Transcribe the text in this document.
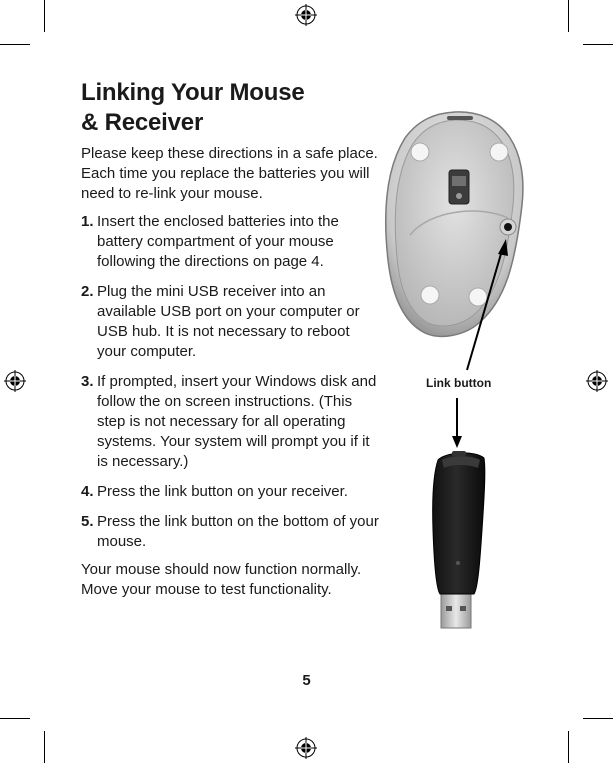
Linking Your Mouse
& Receiver

Please keep these directions in a safe place. Each time you replace the batteries you will need to re-link your mouse.

1. Insert the enclosed batteries into the battery compartment of your mouse following the directions on page 4.
2. Plug the mini USB receiver into an available USB port on your computer or USB hub. It is not necessary to reboot your computer.
3. If prompted, insert your Windows disk and follow the on screen instructions. (This step is not necessary for all operating systems. Your system will prompt you if it is necessary.)
4. Press the link button on your receiver.
5. Press the link button on the bottom of your mouse.

Your mouse should now function normally. Move your mouse to test functionality.

Link button
5
